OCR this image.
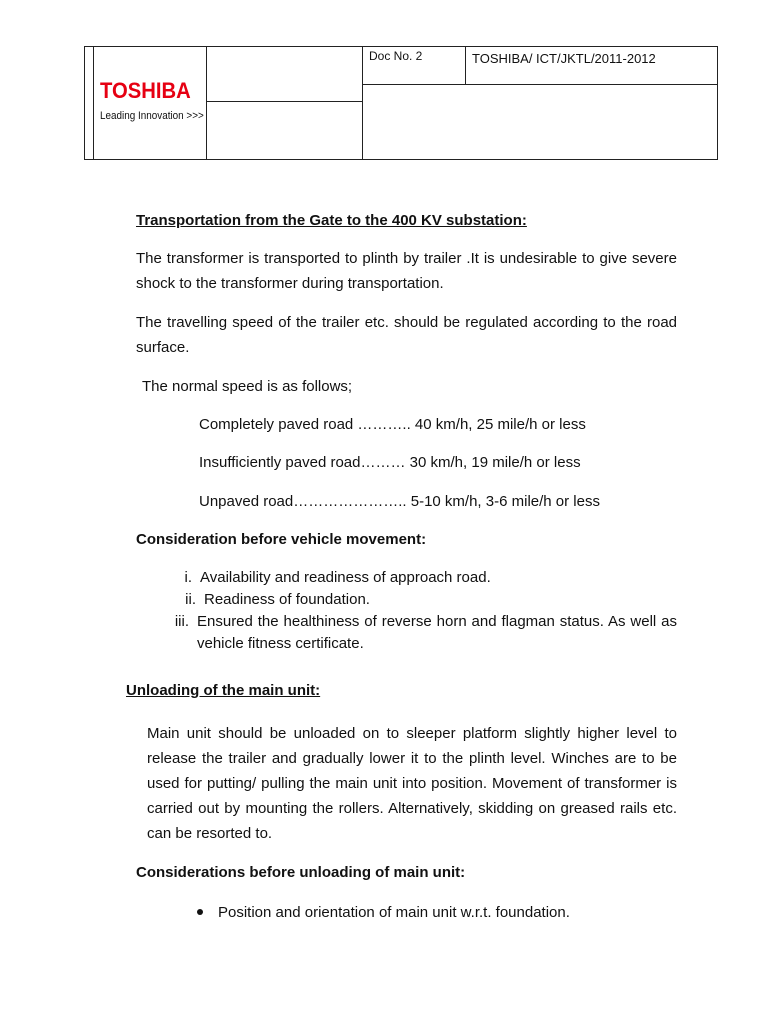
TOSHIBA
Leading Innovation >>>
Doc No. 2	TOSHIBA/ ICT/JKTL/2011-2012
Transportation from the Gate to the 400 KV substation:
The transformer is transported to plinth by trailer .It is undesirable to give severe shock to the transformer during transportation.
The travelling speed of the trailer etc. should be regulated according to the road surface.
The normal speed is as follows;
Completely paved road ……….. 40 km/h, 25 mile/h or less
Insufficiently paved road……… 30 km/h, 19 mile/h or less
Unpaved road………………….. 5-10 km/h, 3-6 mile/h or less
Consideration before vehicle movement:
i. Availability and readiness of approach road.
ii. Readiness of foundation.
iii. Ensured the healthiness of reverse horn and flagman status. As well as vehicle fitness certificate.
Unloading of the main unit:
Main unit should be unloaded on to sleeper platform slightly higher level to release the trailer and gradually lower it to the plinth level. Winches are to be used for putting/ pulling the main unit into position. Movement of transformer is carried out by mounting the rollers. Alternatively, skidding on greased rails etc. can be resorted to.
Considerations before unloading of main unit:
Position and orientation of main unit w.r.t. foundation.
